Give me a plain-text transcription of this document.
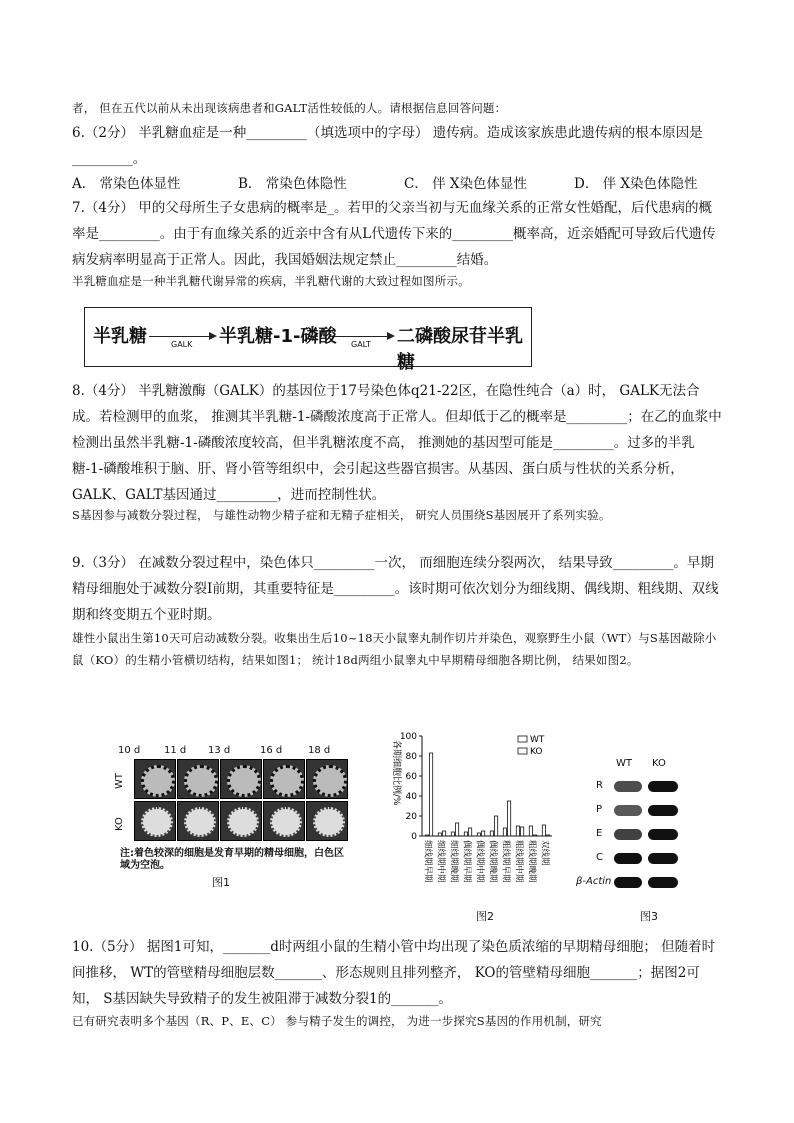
者， 但在五代以前从未出现该病患者和GALT活性较低的人。请根据信息回答问题：
6.（2分） 半乳糖血症是一种_________（填选项中的字母） 遗传病。造成该家族患此遗传病的根本原因是_________。
A． 常染色体显性	B． 常染色体隐性	C． 伴 X染色体显性	D． 伴 X染色体隐性
7.（4分） 甲的父母所生子女患病的概率是_。若甲的父亲当初与无血缘关系的正常女性婚配，后代患病的概率是_________。由于有血缘关系的近亲中含有从L代遗传下来的_________概率高，近亲婚配可导致后代遗传病发病率明显高于正常人。因此，我国婚姻法规定禁止_________结婚。
半乳糖血症是一种半乳糖代谢异常的疾病，半乳糖代谢的大致过程如图所示。
半乳糖	GALK 半乳糖-1-磷酸 GALT 二磷酸尿苷半乳糖
8.（4分） 半乳糖激酶（GALK）的基因位于17号染色体q21-22区，在隐性纯合（a）时， GALK无法合成。若检测甲的血浆， 推测其半乳糖-1-磷酸浓度高于正常人。但却低于乙的概率是_________；在乙的血浆中检测出虽然半乳糖-1-磷酸浓度较高，但半乳糖浓度不高， 推测她的基因型可能是_________。过多的半乳糖-1-磷酸堆积于脑、肝、肾小管等组织中，会引起这些器官损害。从基因、蛋白质与性状的关系分析，GALK、GALT基因通过_________，进而控制性状。
S基因参与减数分裂过程， 与雄性动物少精子症和无精子症相关， 研究人员围绕S基因展开了系列实验。
9.（3分） 在减数分裂过程中，染色体只_________一次， 而细胞连续分裂两次， 结果导致_________。早期精母细胞处于减数分裂I前期，其重要特征是_________。该时期可依次划分为细线期、偶线期、粗线期、双线期和终变期五个亚时期。
雄性小鼠出生第10天可启动减数分裂。收集出生后10~18天小鼠睾丸制作切片并染色，观察野生小鼠（WT）与S基因敲除小鼠（KO）的生精小管横切结构，结果如图1； 统计18d两组小鼠睾丸中早期精母细胞各期比例， 结果如图2。
10 d 11 d 13 d	16 d	18 d
WT
KO
注:着色较深的细胞是发育早期的精母细胞，白色区域为空泡。
图1
0
20
40
60
80
100
各期细胞比例/%
细线期早期 细线期中期 细线期晚期 偶线期早期 偶线期中期 偶线期晚期 粗线期早期 粗线期中期 粗线期晚期 双线期
WT
KO
图2
WT KO
R
P
E
C
β-Actin
图3
10.（5分） 据图1可知，_______d时两组小鼠的生精小管中均出现了染色质浓缩的早期精母细胞； 但随着时间推移， WT的管壁精母细胞层数_______、形态规则且排列整齐， KO的管壁精母细胞_______；据图2可知， S基因缺失导致精子的发生被阻滞于减数分裂1的_______。
已有研究表明多个基因（R、P、E、C） 参与精子发生的调控， 为进一步探究S基因的作用机制，研究
